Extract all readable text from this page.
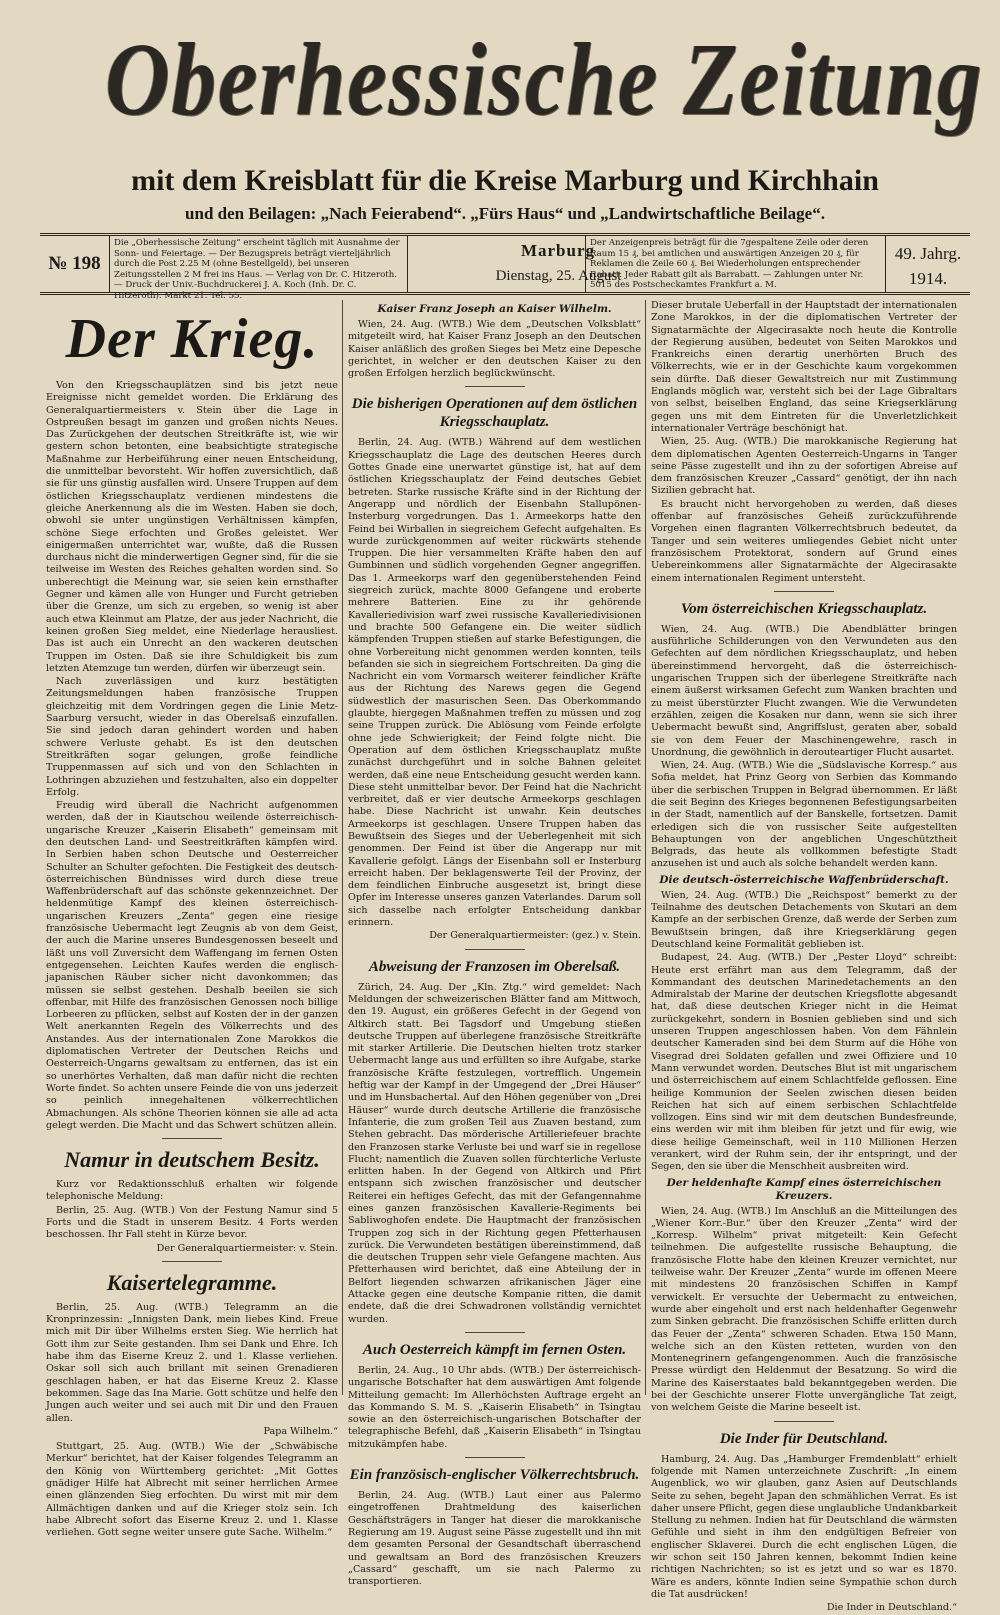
Oberhessische Zeitung
mit dem Kreisblatt für die Kreise Marburg und Kirchhain
und den Beilagen: „Nach Feierabend“. „Fürs Haus“ und „Landwirtschaftliche Beilage“.
№ 198
Die „Oberhessische Zeitung“ erscheint täglich mit Ausnahme der Sonn- und Feiertage. — Der Bezugspreis beträgt vierteljährlich durch die Post 2.25 M (ohne Bestellgeld), bei unseren Zeitungsstellen 2 M frei ins Haus. — Verlag von Dr. C. Hitzeroth. — Druck der Univ.-Buchdruckerei J. A. Koch (Inh. Dr. C. Hitzeroth). Markt 21. Tel. 55.
Marburg
Dienstag, 25. August
Der Anzeigenpreis beträgt für die 7gespaltene Zeile oder deren Raum 15 ₰, bei amtlichen und auswärtigen Anzeigen 20 ₰, für Reklamen die Zeile 60 ₰. Bei Wiederholungen entsprechender Rabatt. Jeder Rabatt gilt als Barrabatt. — Zahlungen unter Nr. 5015 des Postscheckamtes Frankfurt a. M.
49. Jahrg.
1914.
Der Krieg.

Von den Kriegsschauplätzen sind bis jetzt neue Ereignisse nicht gemeldet worden. Die Erklärung des Generalquartiermeisters v. Stein über die Lage in Ostpreußen besagt im ganzen und großen nichts Neues. Das Zurückgehen der deutschen Streitkräfte ist, wie wir gestern schon betonten, eine beabsichtigte strategische Maßnahme zur Herbeiführung einer neuen Entscheidung, die unmittelbar bevorsteht. Wir hoffen zuversichtlich, daß sie für uns günstig ausfallen wird. Unsere Truppen auf dem östlichen Kriegsschauplatz verdienen mindestens die gleiche Anerkennung als die im Westen. Haben sie doch, obwohl sie unter ungünstigen Verhältnissen kämpfen, schöne Siege erfochten und Großes geleistet. Wer einigermaßen unterrichtet war, wußte, daß die Russen durchaus nicht die minderwertigen Gegner sind, für die sie teilweise im Westen des Reiches gehalten worden sind. So unberechtigt die Meinung war, sie seien kein ernsthafter Gegner und kämen alle von Hunger und Furcht getrieben über die Grenze, um sich zu ergeben, so wenig ist aber auch etwa Kleinmut am Platze, der aus jeder Nachricht, die keinen großen Sieg meldet, eine Niederlage herausliest. Das ist auch ein Unrecht an den wackeren deutschen Truppen im Osten. Daß sie ihre Schuldigkeit bis zum letzten Atemzuge tun werden, dürfen wir überzeugt sein.

Nach zuverlässigen und kurz bestätigten Zeitungsmeldungen haben französische Truppen gleichzeitig mit dem Vordringen gegen die Linie Metz-Saarburg versucht, wieder in das Oberelsaß einzufallen. Sie sind jedoch daran gehindert worden und haben schwere Verluste gehabt. Es ist den deutschen Streitkräften sogar gelungen, große feindliche Truppenmassen auf sich und von den Schlachten in Lothringen abzuziehen und festzuhalten, also ein doppelter Erfolg.

Freudig wird überall die Nachricht aufgenommen werden, daß der in Kiautschou weilende österreichisch-ungarische Kreuzer „Kaiserin Elisabeth“ gemeinsam mit den deutschen Land- und Seestreitkräften kämpfen wird. In Serbien haben schon Deutsche und Oesterreicher Schulter an Schulter gefochten. Die Festigkeit des deutsch-österreichischen Bündnisses wird durch diese treue Waffenbrüderschaft auf das schönste gekennzeichnet. Der heldenmütige Kampf des kleinen österreichisch-ungarischen Kreuzers „Zenta“ gegen eine riesige französische Uebermacht legt Zeugnis ab von dem Geist, der auch die Marine unseres Bundesgenossen beseelt und läßt uns voll Zuversicht dem Waffengang im fernen Osten entgegensehen. Leichten Kaufes werden die englisch-japanischen Räuber sicher nicht davonkommen; das müssen sie selbst gestehen. Deshalb beeilen sie sich offenbar, mit Hilfe des französischen Genossen noch billige Lorbeeren zu pflücken, selbst auf Kosten der in der ganzen Welt anerkannten Regeln des Völkerrechts und des Anstandes. Aus der internationalen Zone Marokkos die diplomatischen Vertreter der Deutschen Reichs und Oesterreich-Ungarns gewaltsam zu entfernen, das ist ein so unerhörtes Verhalten, daß man dafür nicht die rechten Worte findet. So achten unsere Feinde die von uns jederzeit so peinlich innegehaltenen völkerrechtlichen Abmachungen. Als schöne Theorien können sie alle ad acta gelegt werden. Die Macht und das Schwert schützen allein.

Namur in deutschem Besitz.

Kurz vor Redaktionsschluß erhalten wir folgende telephonische Meldung:

Berlin, 25. Aug. (WTB.) Von der Festung Namur sind 5 Forts und die Stadt in unserem Besitz. 4 Forts werden beschossen. Ihr Fall steht in Kürze bevor.

Der Generalquartiermeister: v. Stein.
Kaisertelegramme.

Berlin, 25. Aug. (WTB.) Telegramm an die Kronprinzessin: „Innigsten Dank, mein liebes Kind. Freue mich mit Dir über Wilhelms ersten Sieg. Wie herrlich hat Gott ihm zur Seite gestanden. Ihm sei Dank und Ehre. Ich habe ihm das Eiserne Kreuz 2. und 1. Klasse verliehen. Oskar soll sich auch brillant mit seinen Grenadieren geschlagen haben, er hat das Eiserne Kreuz 2. Klasse bekommen. Sage das Ina Marie. Gott schütze und helfe den Jungen auch weiter und sei auch mit Dir und den Frauen allen.

Papa Wilhelm.“

Stuttgart, 25. Aug. (WTB.) Wie der „Schwäbische Merkur“ berichtet, hat der Kaiser folgendes Telegramm an den König von Württemberg gerichtet: „Mit Gottes gnädiger Hilfe hat Albrecht mit seiner herrlichen Armee einen glänzenden Sieg erfochten. Du wirst mit mir dem Allmächtigen danken und auf die Krieger stolz sein. Ich habe Albrecht sofort das Eiserne Kreuz 2. und 1. Klasse verliehen. Gott segne weiter unsere gute Sache. Wilhelm.“

Kaiser Franz Joseph an Kaiser Wilhelm.

Wien, 24. Aug. (WTB.) Wie dem „Deutschen Volksblatt“ mitgeteilt wird, hat Kaiser Franz Joseph an den Deutschen Kaiser anläßlich des großen Sieges bei Metz eine Depesche gerichtet, in welcher er den deutschen Kaiser zu den großen Erfolgen herzlich beglückwünscht.

Die bisherigen Operationen auf dem östlichen Kriegsschauplatz.

Berlin, 24. Aug. (WTB.) Während auf dem westlichen Kriegsschauplatz die Lage des deutschen Heeres durch Gottes Gnade eine unerwartet günstige ist, hat auf dem östlichen Kriegsschauplatz der Feind deutsches Gebiet betreten. Starke russische Kräfte sind in der Richtung der Angerapp und nördlich der Eisenbahn Stallupönen-Insterburg vorgedrungen. Das 1. Armeekorps hatte den Feind bei Wirballen in siegreichem Gefecht aufgehalten. Es wurde zurückgenommen auf weiter rückwärts stehende Truppen. Die hier versammelten Kräfte haben den auf Gumbinnen und südlich vorgehenden Gegner angegriffen. Das 1. Armeekorps warf den gegenüberstehenden Feind siegreich zurück, machte 8000 Gefangene und eroberte mehrere Batterien. Eine zu ihr gehörende Kavalleriedivision warf zwei russische Kavalleriedivisionen und brachte 500 Gefangene ein. Die weiter südlich kämpfenden Truppen stießen auf starke Befestigungen, die ohne Vorbereitung nicht genommen werden konnten, teils befanden sie sich in siegreichem Fortschreiten. Da ging die Nachricht ein vom Vormarsch weiterer feindlicher Kräfte aus der Richtung des Narews gegen die Gegend südwestlich der masurischen Seen. Das Oberkommando glaubte, hiergegen Maßnahmen treffen zu müssen und zog seine Truppen zurück. Die Ablösung vom Feinde erfolgte ohne jede Schwierigkeit; der Feind folgte nicht. Die Operation auf dem östlichen Kriegsschauplatz mußte zunächst durchgeführt und in solche Bahnen geleitet werden, daß eine neue Entscheidung gesucht werden kann. Diese steht unmittelbar bevor. Der Feind hat die Nachricht verbreitet, daß er vier deutsche Armeekorps geschlagen habe. Diese Nachricht ist unwahr. Kein deutsches Armeekorps ist geschlagen. Unsere Truppen haben das Bewußtsein des Sieges und der Ueberlegenheit mit sich genommen. Der Feind ist über die Angerapp nur mit Kavallerie gefolgt. Längs der Eisenbahn soll er Insterburg erreicht haben. Der beklagenswerte Teil der Provinz, der dem feindlichen Einbruche ausgesetzt ist, bringt diese Opfer im Interesse unseres ganzen Vaterlandes. Darum soll sich dasselbe nach erfolgter Entscheidung dankbar erinnern.

Der Generalquartiermeister: (gez.) v. Stein.
Abweisung der Franzosen im Oberelsaß.

Zürich, 24. Aug. Der „Kln. Ztg.“ wird gemeldet: Nach Meldungen der schweizerischen Blätter fand am Mittwoch, den 19. August, ein größeres Gefecht in der Gegend von Altkirch statt. Bei Tagsdorf und Umgebung stießen deutsche Truppen auf überlegene französische Streitkräfte mit starker Artillerie. Die Deutschen hielten trotz starker Uebermacht lange aus und erfüllten so ihre Aufgabe, starke französische Kräfte festzulegen, vortrefflich. Ungemein heftig war der Kampf in der Umgegend der „Drei Häuser“ und im Hunsbachertal. Auf den Höhen gegenüber von „Drei Häuser“ wurde durch deutsche Artillerie die französische Infanterie, die zum großen Teil aus Zuaven bestand, zum Stehen gebracht. Das mörderische Artilleriefeuer brachte den Franzosen starke Verluste bei und warf sie in regellose Flucht; namentlich die Zuaven sollen fürchterliche Verluste erlitten haben. In der Gegend von Altkirch und Pfirt entspann sich zwischen französischer und deutscher Reiterei ein heftiges Gefecht, das mit der Gefangennahme eines ganzen französischen Kavallerie-Regiments bei Sabliwoghofen endete. Die Hauptmacht der französischen Truppen zog sich in der Richtung gegen Pfetterhausen zurück. Die Verwundeten bestätigen übereinstimmend, daß die deutschen Truppen sehr viele Gefangene machten. Aus Pfetterhausen wird berichtet, daß eine Abteilung der in Belfort liegenden schwarzen afrikanischen Jäger eine Attacke gegen eine deutsche Kompanie ritten, die damit endete, daß die drei Schwadronen vollständig vernichtet wurden.

Auch Oesterreich kämpft im fernen Osten.

Berlin, 24. Aug., 10 Uhr abds. (WTB.) Der österreichisch-ungarische Botschafter hat dem auswärtigen Amt folgende Mitteilung gemacht: Im Allerhöchsten Auftrage ergeht an das Kommando S. M. S. „Kaiserin Elisabeth“ in Tsingtau sowie an den österreichisch-ungarischen Botschafter der telegraphische Befehl, daß „Kaiserin Elisabeth“ in Tsingtau mitzukämpfen habe.

Ein französisch-englischer Völkerrechtsbruch.

Berlin, 24. Aug. (WTB.) Laut einer aus Palermo eingetroffenen Drahtmeldung des kaiserlichen Geschäftsträgers in Tanger hat dieser die marokkanische Regierung am 19. August seine Pässe zugestellt und ihn mit dem gesamten Personal der Gesandtschaft überraschend und gewaltsam an Bord des französischen Kreuzers „Cassard“ geschafft, um sie nach Palermo zu transportieren.

Dieser brutale Ueberfall in der Hauptstadt der internationalen Zone Marokkos, in der die diplomatischen Vertreter der Signatarmächte der Algecirasakte noch heute die Kontrolle der Regierung ausüben, bedeutet von Seiten Marokkos und Frankreichs einen derartig unerhörten Bruch des Völkerrechts, wie er in der Geschichte kaum vorgekommen sein dürfte. Daß dieser Gewaltstreich nur mit Zustimmung Englands möglich war, versteht sich bei der Lage Gibraltars von selbst, beiselben England, das seine Kriegserklärung gegen uns mit dem Eintreten für die Unverletzlichkeit internationaler Verträge beschönigt hat.

Wien, 25. Aug. (WTB.) Die marokkanische Regierung hat dem diplomatischen Agenten Oesterreich-Ungarns in Tanger seine Pässe zugestellt und ihn zu der sofortigen Abreise auf dem französischen Kreuzer „Cassard“ genötigt, der ihn nach Sizilien gebracht hat.

Es braucht nicht hervorgehoben zu werden, daß dieses offenbar auf französisches Geheiß zurückzuführende Vorgehen einen flagranten Völkerrechtsbruch bedeutet, da Tanger und sein weiteres umliegendes Gebiet nicht unter französischem Protektorat, sondern auf Grund eines Uebereinkommens aller Signatarmächte der Algecirasakte einem internationalen Regiment untersteht.

Vom österreichischen Kriegsschauplatz.

Wien, 24. Aug. (WTB.) Die Abendblätter bringen ausführliche Schilderungen von den Verwundeten aus den Gefechten auf dem nördlichen Kriegsschauplatz, und heben übereinstimmend hervorgeht, daß die österreichisch-ungarischen Truppen sich der überlegene Streitkräfte nach einem äußerst wirksamen Gefecht zum Wanken brachten und zu meist überstürzter Flucht zwangen. Wie die Verwundeten erzählen, zeigen die Kosaken nur dann, wenn sie sich ihrer Uebermacht bewußt sind, Angriffslust, geraten aber, sobald sie von dem Feuer der Maschinengewehre, rasch in Unordnung, die gewöhnlich in derouteartiger Flucht ausartet.

Wien, 24. Aug. (WTB.) Wie die „Südslavische Korresp.“ aus Sofia meldet, hat Prinz Georg von Serbien das Kommando über die serbischen Truppen in Belgrad übernommen. Er läßt die seit Beginn des Krieges begonnenen Befestigungsarbeiten in der Stadt, namentlich auf der Banskelle, fortsetzen. Damit erledigen sich die von russischer Seite aufgestellten Behauptungen von der angeblichen Ungeschütztheit Belgrads, das heute als vollkommen befestigte Stadt anzusehen ist und auch als solche behandelt werden kann.

Die deutsch-österreichische Waffenbrüderschaft.

Wien, 24. Aug. (WTB.) Die „Reichspost“ bemerkt zu der Teilnahme des deutschen Detachements von Skutari an dem Kampfe an der serbischen Grenze, daß werde der Serben zum Bewußtsein bringen, daß ihre Kriegserklärung gegen Deutschland keine Formalität geblieben ist.

Budapest, 24. Aug. (WTB.) Der „Pester Lloyd“ schreibt: Heute erst erfährt man aus dem Telegramm, daß der Kommandant des deutschen Marinedetachements an den Admiralstab der Marine der deutschen Kriegsflotte abgesandt hat, daß diese deutschen Krieger nicht in die Heimat zurückgekehrt, sondern in Bosnien geblieben sind und sich unseren Truppen angeschlossen haben. Von dem Fähnlein deutscher Kameraden sind bei dem Sturm auf die Höhe von Visegrad drei Soldaten gefallen und zwei Offiziere und 10 Mann verwundet worden. Deutsches Blut ist mit ungarischem und österreichischem auf einem Schlachtfelde geflossen. Eine heilige Kommunion der Seelen zwischen diesen beiden Reichen hat sich auf einem serbischen Schlachtfelde vollzogen. Eins sind wir mit dem deutschen Bundesfreunde, eins werden wir mit ihm bleiben für jetzt und für ewig, wie diese heilige Gemeinschaft, weil in 110 Millionen Herzen verankert, wird der Ruhm sein, der ihr entspringt, und der Segen, den sie über die Menschheit ausbreiten wird.

Der heldenhafte Kampf eines österreichischen Kreuzers.

Wien, 24. Aug. (WTB.) Im Anschluß an die Mitteilungen des „Wiener Korr.-Bur.“ über den Kreuzer „Zenta“ wird der „Korresp. Wilhelm“ privat mitgeteilt: Kein Gefecht teilnehmen. Die aufgestellte russische Behauptung, die französische Flotte habe den kleinen Kreuzer vernichtet, nur teilweise wahr. Der Kreuzer „Zenta“ wurde im offenen Meere mit mindestens 20 französischen Schiffen in Kampf verwickelt. Er versuchte der Uebermacht zu entweichen, wurde aber eingeholt und erst nach heldenhafter Gegenwehr zum Sinken gebracht. Die französischen Schiffe erlitten durch das Feuer der „Zenta“ schweren Schaden. Etwa 150 Mann, welche sich an den Küsten retteten, wurden von den Montenegrinern gefangengenommen. Auch die französische Presse würdigt den Heldenmut der Besatzung. So wird die Marine des Kaiserstaates bald bekanntgegeben werden. Die bei der Geschichte unserer Flotte unvergängliche Tat zeigt, von welchem Geiste die Marine beseelt ist.

Die Inder für Deutschland.

Hamburg, 24. Aug. Das „Hamburger Fremdenblatt“ erhielt folgende mit Namen unterzeichnete Zuschrift: „In einem Augenblick, wo wir glauben, ganz Asien auf Deutschlands Seite zu sehen, begeht Japan den schmählichen Verrat. Es ist daher unsere Pflicht, gegen diese unglaubliche Undankbarkeit Stellung zu nehmen. Indien hat für Deutschland die wärmsten Gefühle und sieht in ihm den endgültigen Befreier von englischer Sklaverei. Durch die echt englischen Lügen, die wir schon seit 150 Jahren kennen, bekommt Indien keine richtigen Nachrichten; so ist es jetzt und so war es 1870. Wäre es anders, könnte Indien seine Sympathie schon durch die Tat ausdrücken!

Die Inder in Deutschland.“
